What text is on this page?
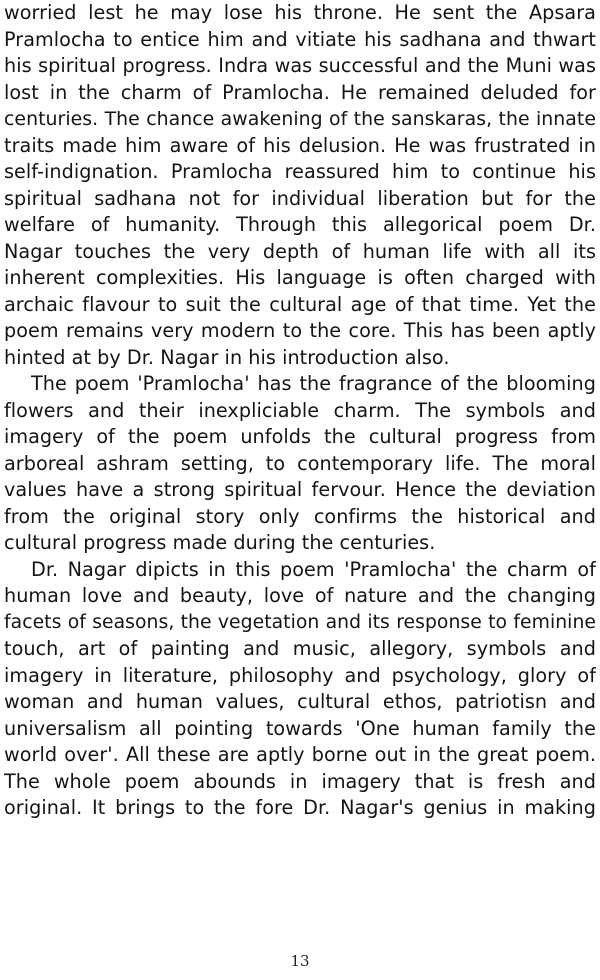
worried lest he may lose his throne. He sent the Apsara
Pramlocha to entice him and vitiate his sadhana and thwart
his spiritual progress. Indra was successful and the Muni was
lost in the charm of Pramlocha. He remained deluded for
centuries. The chance awakening of the sanskaras, the innate
traits made him aware of his delusion. He was frustrated in
self-indignation. Pramlocha reassured him to continue his
spiritual sadhana not for individual liberation but for the
welfare of humanity. Through this allegorical poem Dr.
Nagar touches the very depth of human life with all its
inherent complexities. His language is often charged with
archaic flavour to suit the cultural age of that time. Yet the
poem remains very modern to the core. This has been aptly
hinted at by Dr. Nagar in his introduction also.
The poem 'Pramlocha' has the fragrance of the blooming
flowers and their inexpliciable charm. The symbols and
imagery of the poem unfolds the cultural progress from
arboreal ashram setting, to contemporary life. The moral
values have a strong spiritual fervour. Hence the deviation
from the original story only confirms the historical and
cultural progress made during the centuries.
Dr. Nagar dipicts in this poem 'Pramlocha' the charm of
human love and beauty, love of nature and the changing
facets of seasons, the vegetation and its response to feminine
touch, art of painting and music, allegory, symbols and
imagery in literature, philosophy and psychology, glory of
woman and human values, cultural ethos, patriotisn and
universalism all pointing towards 'One human family the
world over'. All these are aptly borne out in the great poem.
The whole poem abounds in imagery that is fresh and
original. It brings to the fore Dr. Nagar's genius in making
13
